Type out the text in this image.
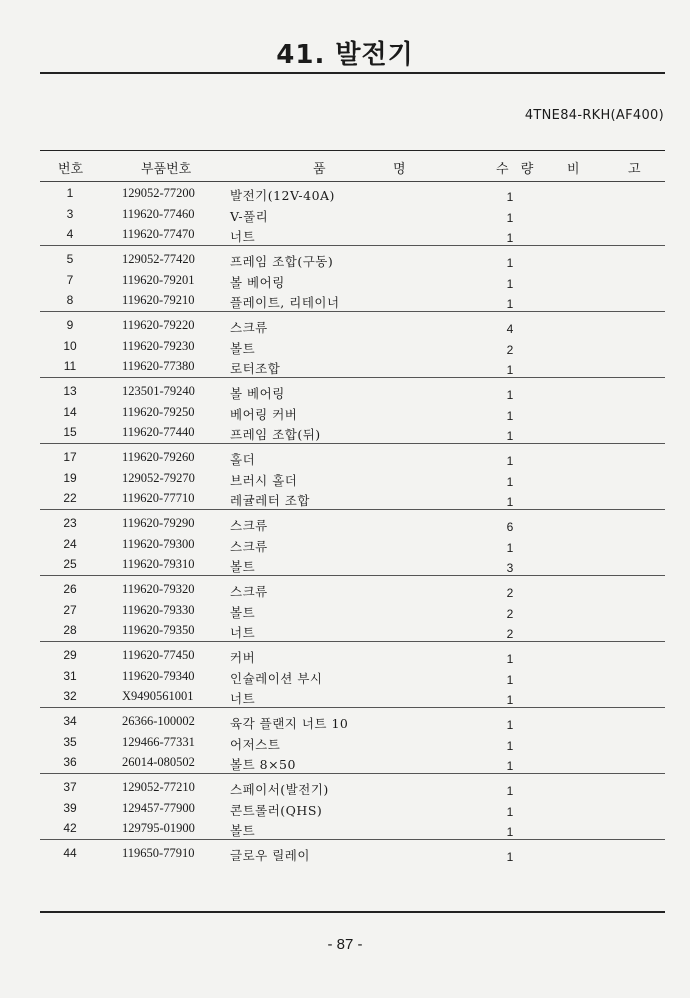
41. 발전기
4TNE84-RKH(AF400)
번호	부품번호	품	명	수 량	비	고
1	129052-77200	발전기(12V-40A)	1
3	119620-77460	V-풀리	1
4	119620-77470	너트	1
5	129052-77420	프레임 조합(구동)	1
7	119620-79201	볼 베어링	1
8	119620-79210	플레이트, 리테이너	1
9	119620-79220	스크류	4
10	119620-79230	볼트	2
11	119620-77380	로터조합	1
13	123501-79240	볼 베어링	1
14	119620-79250	베어링 커버	1
15	119620-77440	프레임 조합(뒤)	1
17	119620-79260	홀더	1
19	129052-79270	브러시 홀더	1
22	119620-77710	레귤레터 조합	1
23	119620-79290	스크류	6
24	119620-79300	스크류	1
25	119620-79310	볼트	3
26	119620-79320	스크류	2
27	119620-79330	볼트	2
28	119620-79350	너트	2
29	119620-77450	커버	1
31	119620-79340	인슐레이션 부시	1
32	X9490561001	너트	1
34	26366-100002	육각 플랜지 너트 10	1
35	129466-77331	어저스트	1
36	26014-080502	볼트 8×50	1
37	129052-77210	스페이서(발전기)	1
39	129457-77900	콘트롤러(QHS)	1
42	129795-01900	볼트	1
44	119650-77910	글로우 릴레이	1
- 87 -
